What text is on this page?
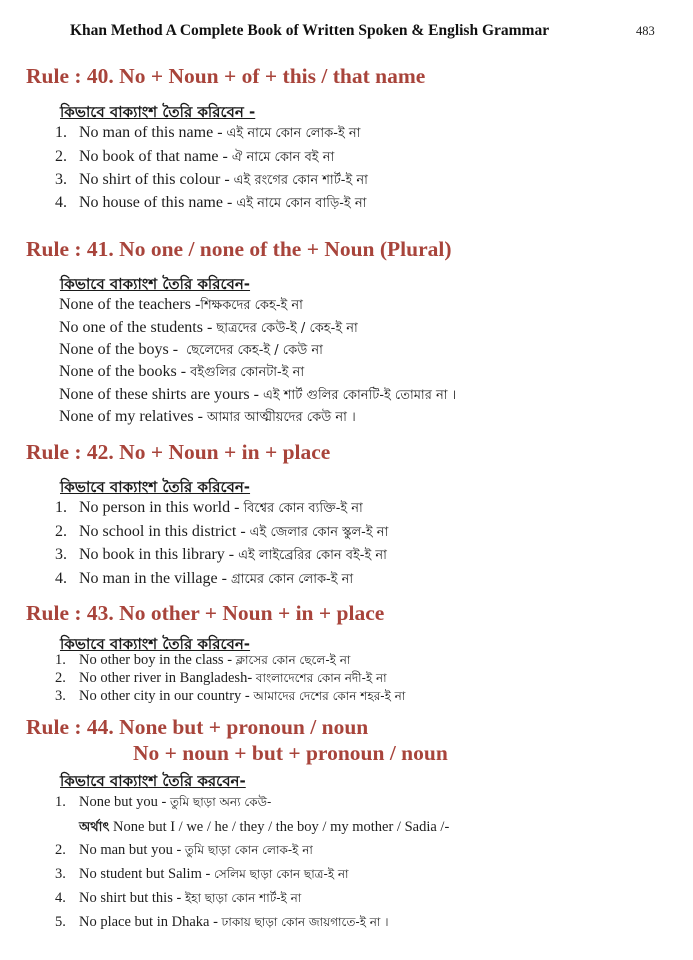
Khan Method A Complete Book of Written Spoken & English Grammar	483
Rule : 40. No + Noun + of + this / that name
কিভাবে বাক্যাংশ তৈরি করিবেন -
1. No man of this name - এই নামে কোন লোক-ই না
2. No book of that name - ঐ নামে কোন বই না
3. No shirt of this colour - এই রংগের কোন শার্ট-ই না
4. No house of this name - এই নামে কোন বাড়ি-ই না
Rule : 41. No one / none of the + Noun (Plural)
কিভাবে বাক্যাংশ তৈরি করিবেন-
None of the teachers -শিক্ষকদের কেহ-ই না
No one of the students - ছাত্রদের কেউ-ই / কেহ-ই না
None of the boys - ছেলেদের কেহ-ই / কেউ না
None of the books - বইগুলির কোনটা-ই না
None of these shirts are yours - এই শার্ট গুলির কোনটি-ই তোমার না ।
None of my relatives - আমার আত্মীয়দের কেউ না ।
Rule : 42. No + Noun + in + place
কিভাবে বাক্যাংশ তৈরি করিবেন-
1. No person in this world - বিশ্বের কোন ব্যক্তি-ই না
2. No school in this district - এই জেলার কোন স্কুল-ই না
3. No book in this library - এই লাইব্রেরির কোন বই-ই না
4. No man in the village - গ্রামের কোন লোক-ই না
Rule : 43. No other + Noun + in + place
কিভাবে বাক্যাংশ তৈরি করিবেন-
1. No other boy in the class - ক্লাসের কোন ছেলে-ই না
2. No other river in Bangladesh- বাংলাদেশের কোন নদী-ই না
3. No other city in our country - আমাদের দেশের কোন শহর-ই না
Rule : 44. None but + pronoun / noun
No + noun + but + pronoun / noun
কিভাবে বাক্যাংশ তৈরি করবেন-
1. None but you - তুমি ছাড়া অন্য কেউ-
অর্থাৎ None but I / we / he / they / the boy / my mother / Sadia /-
2. No man but you - তুমি ছাড়া কোন লোক-ই না
3. No student but Salim - সেলিম ছাড়া কোন ছাত্র-ই না
4. No shirt but this - ইহা ছাড়া কোন শার্ট-ই না
5. No place but in Dhaka - ঢাকায় ছাড়া কোন জায়গাতে-ই না ।
